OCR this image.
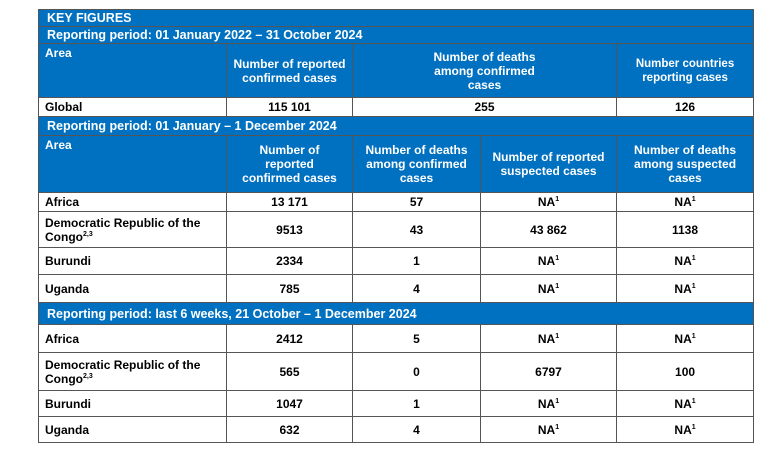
KEY FIGURES				
Reporting period: 01 January 2022 – 31 October 2024				
Area	Number of reported confirmed cases	Number of deaths among confirmed cases		Number countries reporting cases

Global	115 101	255		126
Reporting period: 01 January – 1 December 2024				
Area	Number of reported confirmed cases	Number of deaths among confirmed cases	Number of reported suspected cases	Number of deaths among suspected cases
Africa	13 171	57	$NA^1$	$NA^1$
Democratic Republic of the Congo$^{2,3}$	9513	43	43 862	1138
Burundi	2334	1	$NA^1$	$NA^1$
Uganda	785	4	$NA^1$	$NA^1$
Reporting period: last 6 weeks, 21 October – 1 December 2024				
Africa	2412	5	$NA^1$	$NA^1$
Democratic Republic of the Congo$^{2,3}$	565	0	6797	100
Burundi	1047	1	$NA^1$	$NA^1$
Uganda	632	4	$NA^1$	$NA^1$
